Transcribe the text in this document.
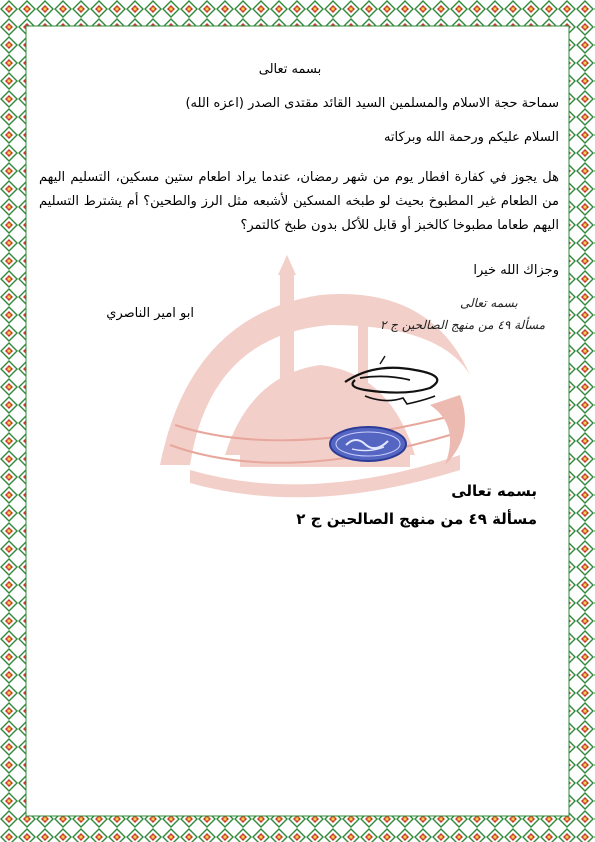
بسمه تعالى
سماحة حجة الاسلام والمسلمين السيد القائد مقتدى الصدر (اعزه الله)
السلام عليكم ورحمة الله وبركاته
هل يجوز في كفارة افطار يوم من شهر رمضان، عندما يراد اطعام ستين مسكين، التسليم اليهم من الطعام غير المطبوخ بحيث لو طبخه المسكين لأشبعه مثل الرز والطحين؟ أم يشترط التسليم اليهم طعاما مطبوخا كالخبز أو قابل للأكل بدون طبخ كالتمر؟
وجزاك الله خيرا
ابو امير الناصري
بسمه تعالى
مسألة ٤٩ من منهج الصالحين ج ٢
بسمه تعالى
مسألة ٤٩ من منهج الصالحين ج ٢
